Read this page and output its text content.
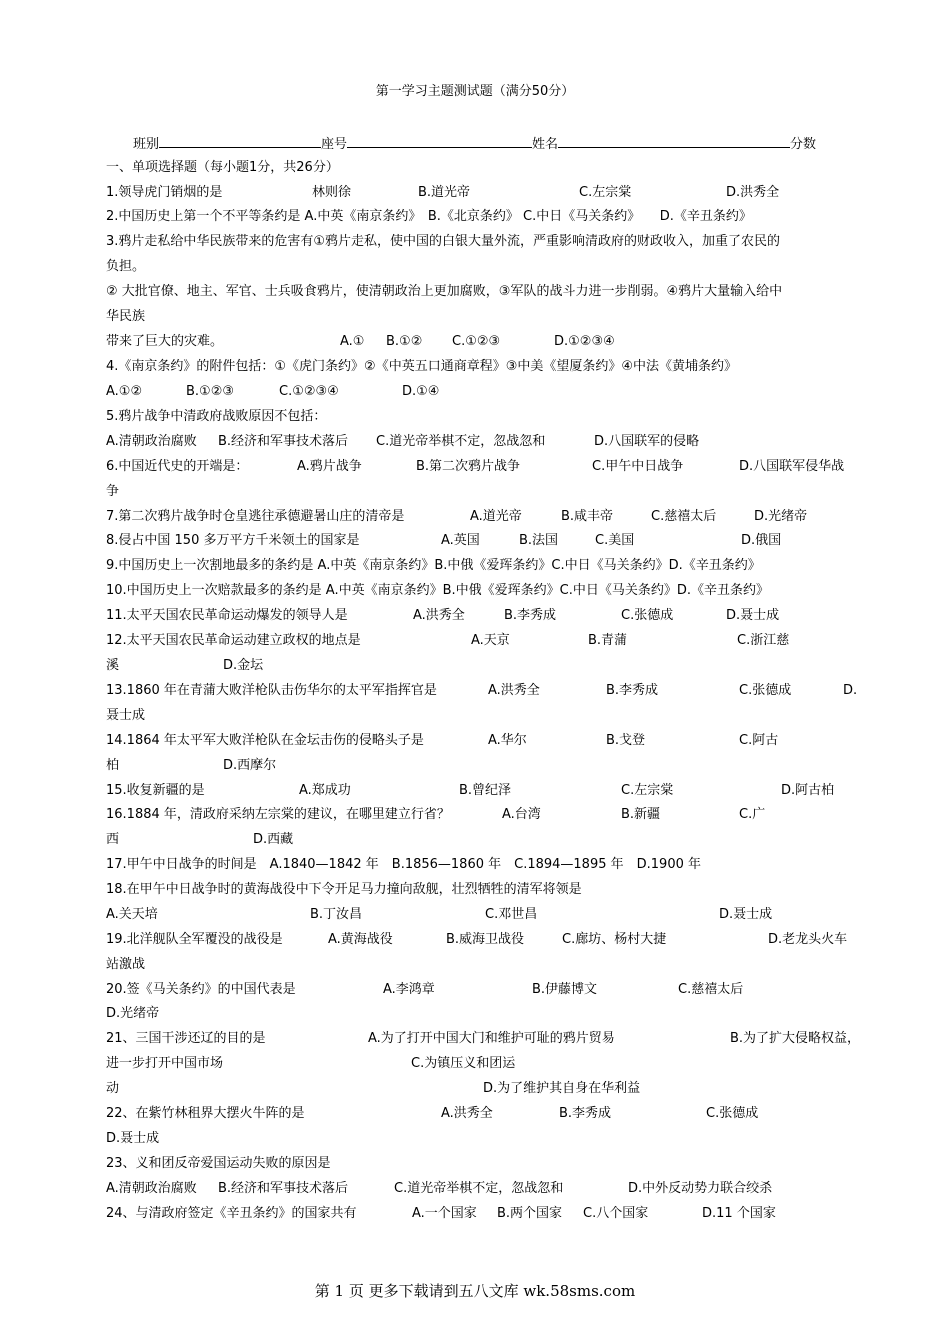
第一学习主题测试题（满分50分）
班别	座号	姓名	分数
一、单项选择题（每小题1分，共26分）
1.领导虎门销烟的是	林则徐	B.道光帝	C.左宗棠	D.洪秀全
2.中国历史上第一个不平等条约是 A.中英《南京条约》　B.《北京条约》 C.中日《马关条约》　　D.《辛丑条约》
3.鸦片走私给中华民族带来的危害有①鸦片走私，使中国的白银大量外流，严重影响清政府的财政收入，加重了农民的
负担。
② 大批官僚、地主、军官、士兵吸食鸦片，使清朝政治上更加腐败，③军队的战斗力进一步削弱。④鸦片大量输入给中
华民族
带来了巨大的灾难。	A.① B.①② C.①②③	D.①②③④
4.《南京条约》的附件包括：①《虎门条约》②《中英五口通商章程》③中美《望厦条约》④中法《黄埔条约》
A.①②	B.①②③	C.①②③④	D.①④
5.鸦片战争中清政府战败原因不包括：
A.清朝政治腐败 B.经济和军事技术落后 C.道光帝举棋不定，忽战忽和	D.八国联军的侵略
6.中国近代史的开端是：	A.鸦片战争	B.第二次鸦片战争	C.甲午中日战争	D.八国联军侵华战
争
7.第二次鸦片战争时仓皇逃往承德避暑山庄的清帝是	A.道光帝	B.咸丰帝	C.慈禧太后	D.光绪帝
8.侵占中国 150 多万平方千米领土的国家是	A.英国	B.法国	C.美国	D.俄国
9.中国历史上一次割地最多的条约是 A.中英《南京条约》B.中俄《爱珲条约》C.中日《马关条约》D.《辛丑条约》
10.中国历史上一次赔款最多的条约是 A.中英《南京条约》B.中俄《爱珲条约》C.中日《马关条约》D.《辛丑条约》
11.太平天国农民革命运动爆发的领导人是	A.洪秀全	B.李秀成	C.张德成	D.聂士成
12.太平天国农民革命运动建立政权的地点是	A.天京	B.青蒲	C.浙江慈
溪	D.金坛
13.1860 年在青蒲大败洋枪队击伤华尔的太平军指挥官是	A.洪秀全	B.李秀成	C.张德成	D.
聂士成
14.1864 年太平军大败洋枪队在金坛击伤的侵略头子是	A.华尔	B.戈登	C.阿古
柏	D.西摩尔
15.收复新疆的是	A.郑成功	B.曾纪泽	C.左宗棠	D.阿古柏
16.1884 年，清政府采纳左宗棠的建议，在哪里建立行省？	A.台湾	B.新疆	C.广
西	D.西藏
17.甲午中日战争的时间是　A.1840—1842 年　B.1856—1860 年　C.1894—1895 年　D.1900 年
18.在甲午中日战争时的黄海战役中下令开足马力撞向敌舰，壮烈牺牲的清军将领是
A.关天培	B.丁汝昌	C.邓世昌	D.聂士成
19.北洋舰队全军覆没的战役是	A.黄海战役	B.威海卫战役	C.廊坊、杨村大捷	D.老龙头火车
站激战
20.签《马关条约》的中国代表是	A.李鸿章	B.伊藤博文	C.慈禧太后
D.光绪帝
21、三国干涉还辽的目的是	A.为了打开中国大门和维护可耻的鸦片贸易	B.为了扩大侵略权益，
进一步打开中国市场	C.为镇压义和团运
动	D.为了维护其自身在华利益
22、在紫竹林租界大摆火牛阵的是	A.洪秀全	B.李秀成	C.张德成
D.聂士成
23、义和团反帝爱国运动失败的原因是
A.清朝政治腐败 B.经济和军事技术落后	C.道光帝举棋不定，忽战忽和	D.中外反动势力联合绞杀
24、与清政府签定《辛丑条约》的国家共有	A.一个国家 B.两个国家 C.八个国家	D.11 个国家
第 1 页 更多下载请到五八文库 wk.58sms.com
